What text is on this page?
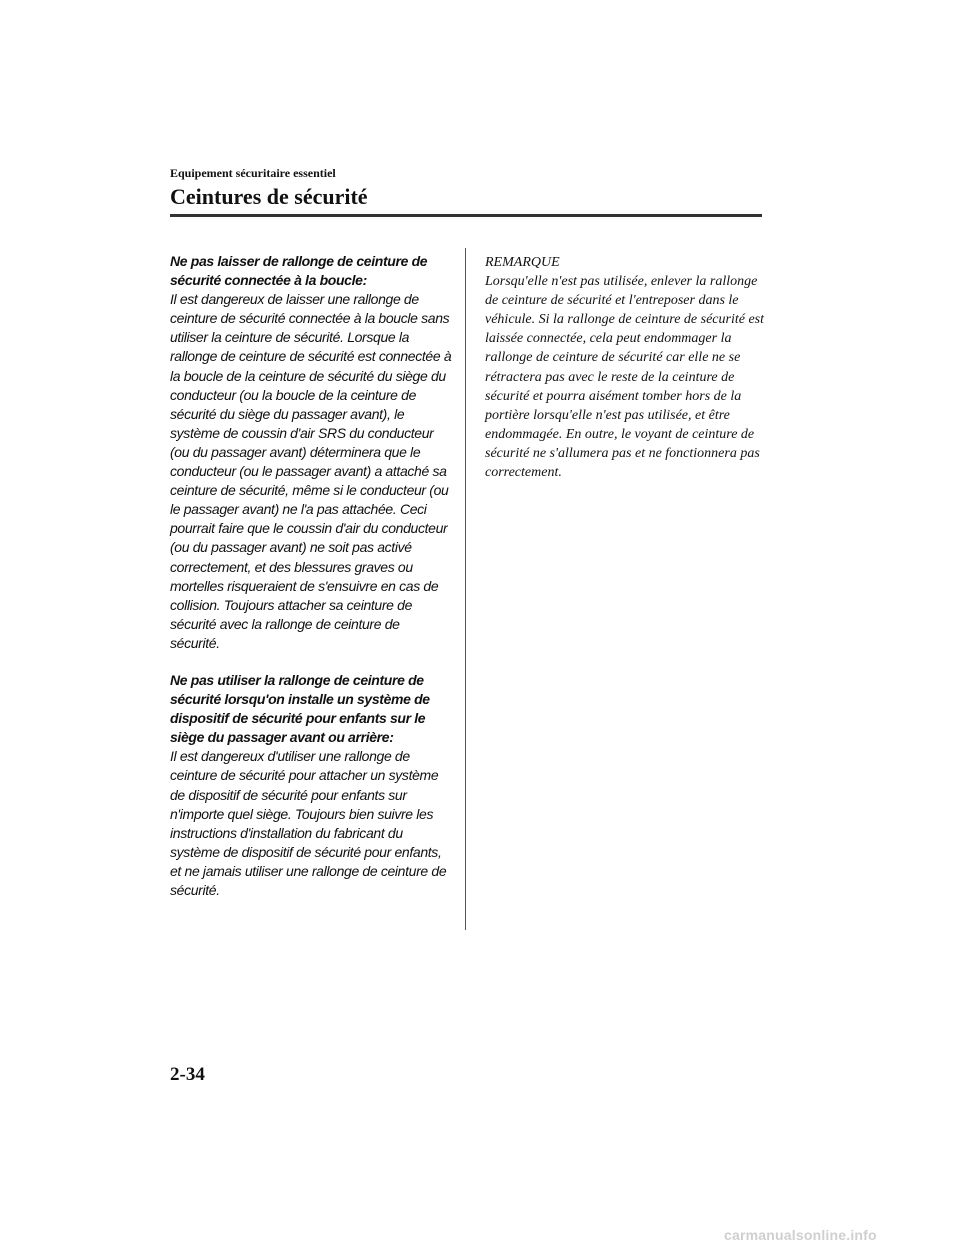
Equipement sécuritaire essentiel
Ceintures de sécurité

Ne pas laisser de rallonge de ceinture de sécurité connectée à la boucle:

Il est dangereux de laisser une rallonge de ceinture de sécurité connectée à la boucle sans utiliser la ceinture de sécurité. Lorsque la rallonge de ceinture de sécurité est connectée à la boucle de la ceinture de sécurité du siège du conducteur (ou la boucle de la ceinture de sécurité du siège du passager avant), le système de coussin d'air SRS du conducteur (ou du passager avant) déterminera que le conducteur (ou le passager avant) a attaché sa ceinture de sécurité, même si le conducteur (ou le passager avant) ne l'a pas attachée. Ceci pourrait faire que le coussin d'air du conducteur (ou du passager avant) ne soit pas activé correctement, et des blessures graves ou mortelles risqueraient de s'ensuivre en cas de collision. Toujours attacher sa ceinture de sécurité avec la rallonge de ceinture de sécurité.

Ne pas utiliser la rallonge de ceinture de sécurité lorsqu'on installe un système de dispositif de sécurité pour enfants sur le siège du passager avant ou arrière:

Il est dangereux d'utiliser une rallonge de ceinture de sécurité pour attacher un système de dispositif de sécurité pour enfants sur n'importe quel siège. Toujours bien suivre les instructions d'installation du fabricant du système de dispositif de sécurité pour enfants, et ne jamais utiliser une rallonge de ceinture de sécurité.

REMARQUE

Lorsqu'elle n'est pas utilisée, enlever la rallonge de ceinture de sécurité et l'entreposer dans le véhicule. Si la rallonge de ceinture de sécurité est laissée connectée, cela peut endommager la rallonge de ceinture de sécurité car elle ne se rétractera pas avec le reste de la ceinture de sécurité et pourra aisément tomber hors de la portière lorsqu'elle n'est pas utilisée, et être endommagée. En outre, le voyant de ceinture de sécurité ne s'allumera pas et ne fonctionnera pas correctement.

2-34
carmanualsonline.info
